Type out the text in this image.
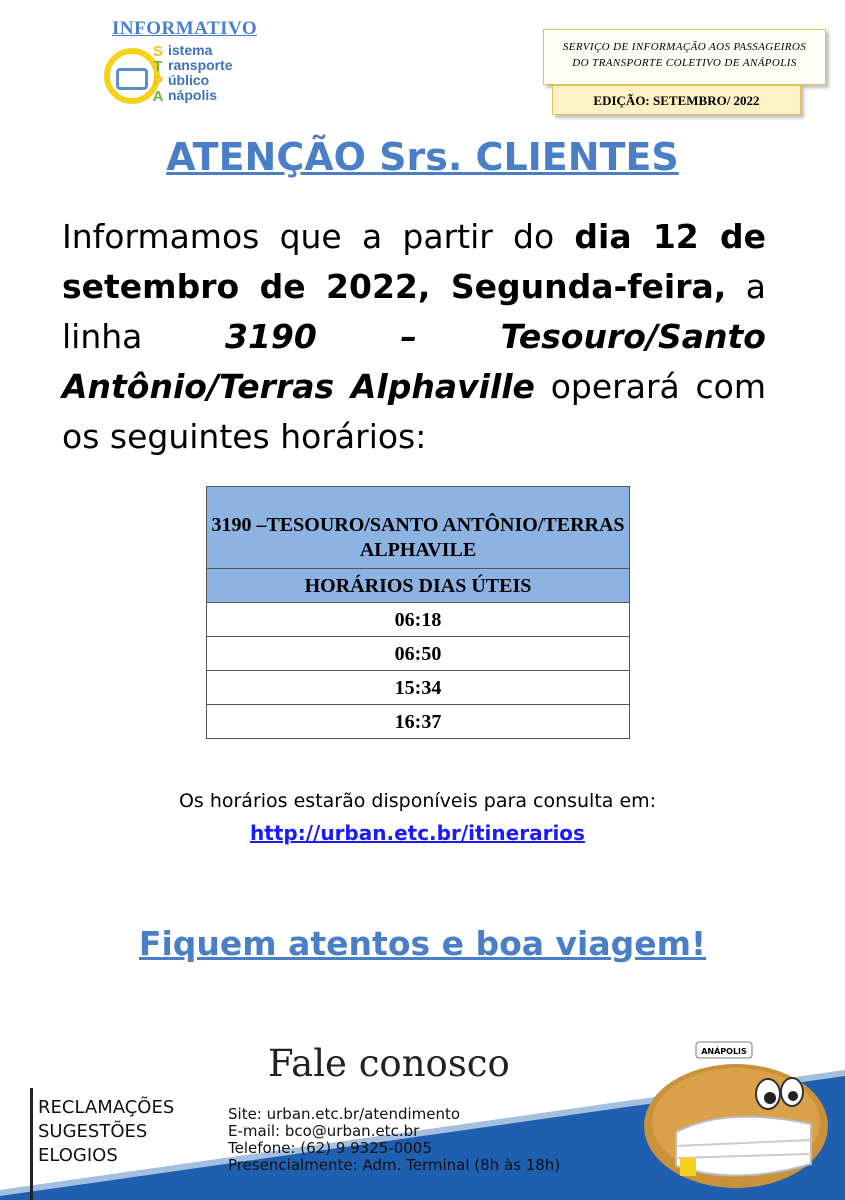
INFORMATIVO
S
T
P
A
istema
ransporte
úblico
nápolis
SERVIÇO DE INFORMAÇÃO AOS PASSAGEIROS
DO TRANSPORTE COLETIVO DE ANÁPOLIS
EDIÇÃO: SETEMBRO/ 2022
ATENÇÃO Srs. CLIENTES

Informamos que a partir do dia 12 de setembro de 2022, Segunda-feira, a linha 3190 – Tesouro/Santo Antônio/Terras Alphaville operará com os seguintes horários:

3190 –TESOURO/SANTO ANTÔNIO/TERRAS ALPHAVILE
HORÁRIOS DIAS ÚTEIS
06:18
06:50
15:34
16:37
Os horários estarão disponíveis para consulta em:
http://urban.etc.br/itinerarios
Fiquem atentos e boa viagem!
Fale conosco
RECLAMAÇÕES
SUGESTÕES
ELOGIOS
Site: urban.etc.br/atendimento
E-mail: bco@urban.etc.br
Telefone: (62) 9 9325-0005
Presencialmente: Adm. Terminal (8h às 18h)
ANÁPOLIS
